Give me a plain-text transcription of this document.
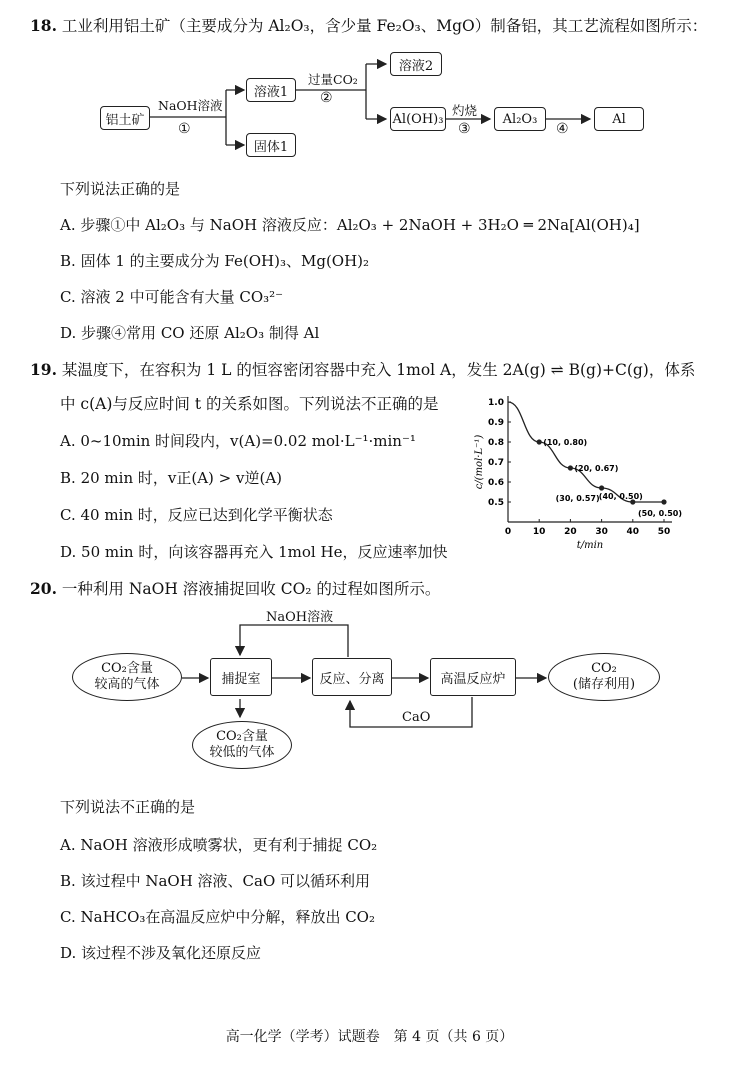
18. 工业利用铝土矿（主要成分为 Al₂O₃，含少量 Fe₂O₃、MgO）制备铝，其工艺流程如图所示：
铝土矿
NaOH溶液
①
溶液1
固体1
过量CO₂
②
溶液2
Al(OH)₃
灼烧
③
Al₂O₃
④
Al
下列说法正确的是
A. 步骤①中 Al₂O₃ 与 NaOH 溶液反应：Al₂O₃ + 2NaOH + 3H₂O ═ 2Na[Al(OH)₄]
B. 固体 1 的主要成分为 Fe(OH)₃、Mg(OH)₂
C. 溶液 2 中可能含有大量 CO₃²⁻
D. 步骤④常用 CO 还原 Al₂O₃ 制得 Al
19. 某温度下，在容积为 1 L 的恒容密闭容器中充入 1mol A，发生 2A(g) ⇌ B(g)+C(g)，体系
中 c(A)与反应时间 t 的关系如图。下列说法不正确的是
A. 0~10min 时间段内，v(A)=0.02 mol·L⁻¹·min⁻¹
B. 20 min 时，v正(A) > v逆(A)
C. 40 min 时，反应已达到化学平衡状态
D. 50 min 时，向该容器再充入 1mol He，反应速率加快
0 10 20 30 40 50
0.5
0.6
0.7
0.8
0.9
1.0
t/min
c/(mol·L⁻¹)	(10, 0.80)
(20, 0.67)
(30, 0.57) (40, 0.50)
(50, 0.50)
20. 一种利用 NaOH 溶液捕捉回收 CO₂ 的过程如图所示。
NaOH溶液
CO₂含量
较高的气体	捕捉室	反应、分离	高温反应炉
CO₂
(储存利用)
CaO
CO₂含量
较低的气体
下列说法不正确的是
A. NaOH 溶液形成喷雾状，更有利于捕捉 CO₂
B. 该过程中 NaOH 溶液、CaO 可以循环利用
C. NaHCO₃在高温反应炉中分解，释放出 CO₂
D. 该过程不涉及氧化还原反应
高一化学（学考）试题卷　第 4 页（共 6 页）
